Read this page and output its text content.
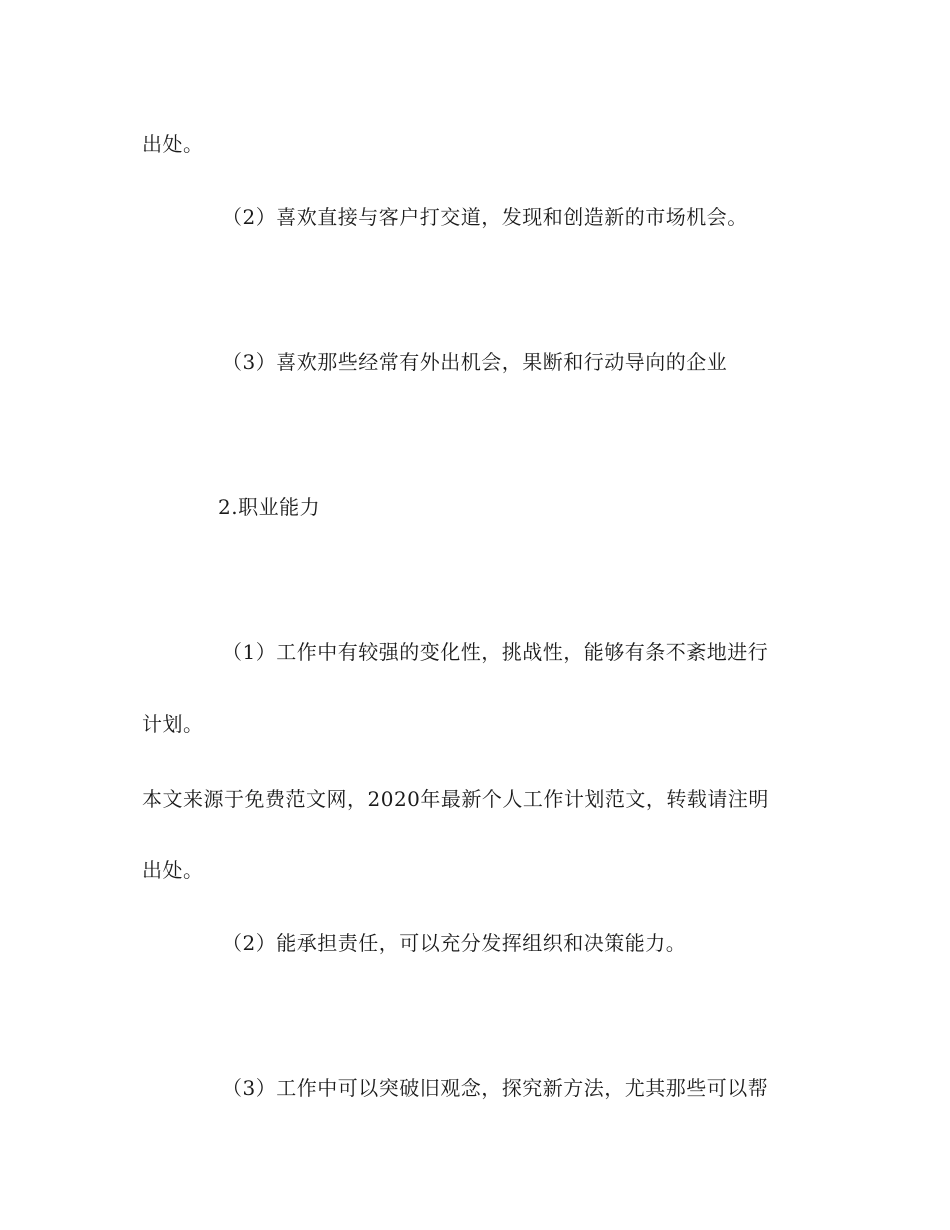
出处。

（2）喜欢直接与客户打交道，发现和创造新的市场机会。

（3）喜欢那些经常有外出机会，果断和行动导向的企业

2.职业能力

（1）工作中有较强的变化性，挑战性，能够有条不紊地进行

计划。

本文来源于免费范文网，2020年最新个人工作计划范文，转载请注明

出处。

（2）能承担责任，可以充分发挥组织和决策能力。

（3）工作中可以突破旧观念，探究新方法，尤其那些可以帮
